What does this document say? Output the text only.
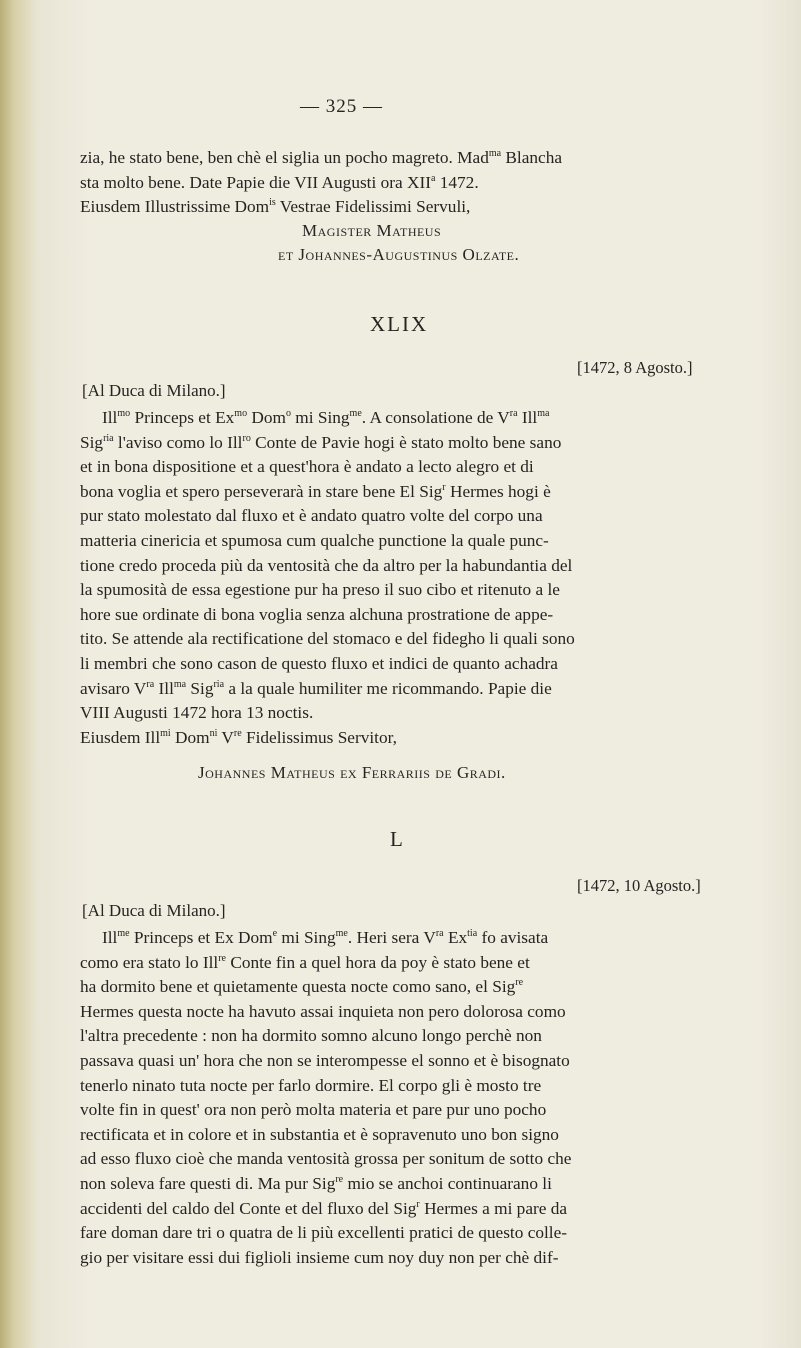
— 325 —
zia, he stato bene, ben chè el siglia un pocho magreto. Mad$^{ma}$ Blancha
sta molto bene. Date Papie die VII Augusti ora XII$^a$ 1472.
Eiusdem Illustrissime Dom$^{is}$ Vestrae Fidelissimi Servuli,
Magister Matheus
et Johannes-Augustinus Olzate.
XLIX
[1472, 8 Agosto.]
[Al Duca di Milano.]
Ill$^{mo}$ Princeps et $Ex^{mo}$ Dom$^o$ mi Sing$^{me}$. A consolatione de $V^{ra}$ Ill$^{ma}$
Sig$^{ria}$ l'aviso como lo Ill$^{ro}$ Conte de Pavie hogi è stato molto bene sano
et in bona dispositione et a quest'hora è andato a lecto alegro et di
bona voglia et spero perseverarà in stare bene El Sig$^r$ Hermes hogi è
pur stato molestato dal fluxo et è andato quatro volte del corpo una
matteria cinericia et spumosa cum qualche punctione la quale punc-
tione credo proceda più da ventosità che da altro per la habundantia del
la spumosità de essa egestione pur ha preso il suo cibo et ritenuto a le
hore sue ordinate di bona voglia senza alchuna prostratione de appe-
tito. Se attende ala rectificatione del stomaco e del fidegho li quali sono
li membri che sono cason de questo fluxo et indici de quanto achadra
avisaro $V^{ra}$ Ill$^{ma}$ Sig$^{ria}$ a la quale humiliter me ricommando. Papie die
VIII Augusti 1472 hora 13 noctis.
Eiusdem Ill$^{mi}$ Dom$^{ni}$ Vre Fidelissimus Servitor,
Johannes Matheus ex Ferrariis de Gradi.
L
[1472, 10 Agosto.]
[Al Duca di Milano.]
Ill$^{me}$ Princeps et Ex Dom$^e$ mi Sing$^{me}$. Heri sera $V^{ra}$ $Ex^{tia}$ fo avisata
como era stato lo Ill$^{re}$ Conte fin a quel hora da poy è stato bene et
ha dormito bene et quietamente questa nocte como sano, el Sig$^{re}$
Hermes questa nocte ha havuto assai inquieta non pero dolorosa como
l'altra precedente : non ha dormito somno alcuno longo perchè non
passava quasi un' hora che non se interompesse el sonno et è bisognato
tenerlo ninato tuta nocte per farlo dormire. El corpo gli è mosto tre
volte fin in quest' ora non però molta materia et pare pur uno pocho
rectificata et in colore et in substantia et è sopravenuto uno bon signo
ad esso fluxo cioè che manda ventosità grossa per sonitum de sotto che
non soleva fare questi di. Ma pur Sig$^{re}$ mio se anchoi continuarano li
accidenti del caldo del Conte et del fluxo del Sig$^r$ Hermes a mi pare da
fare doman dare tri o quatra de li più excellenti pratici de questo colle-
gio per visitare essi dui figlioli insieme cum noy duy non per chè dif-
